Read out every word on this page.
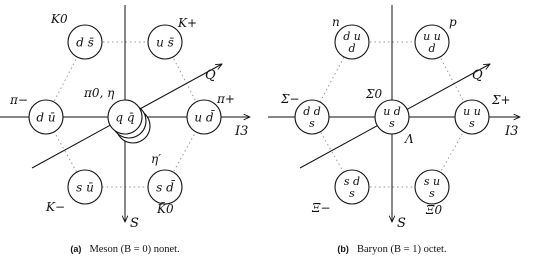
d s̄	u s̄
d ū	q q̄	u d̄
s ū	s d̄
K0	K+
π−	π0, η
η′
π+
K−	K̄0
Q
I3
S
(a) Meson (B = 0) nonet.
d u
d
u u
d
d d
s
u d
s
u u
s
s d
s
s u
s
n	p
Σ−	Σ0
Λ
Σ+
Ξ−	Ξ0
Q
I3
S
(b) Baryon (B = 1) octet.
